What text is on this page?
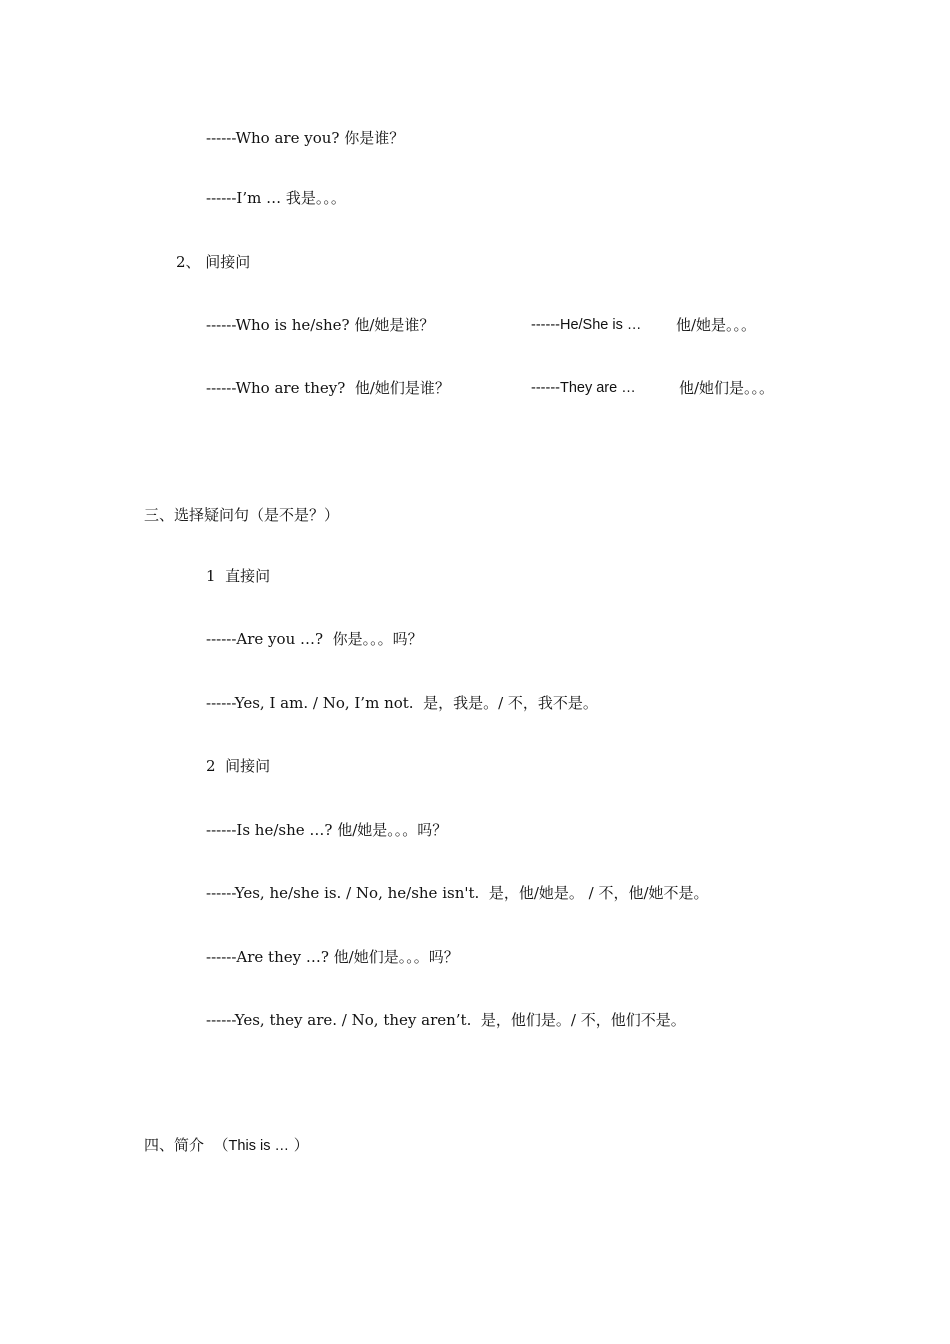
------Who are you? 你是谁？
------I’m … 我是。。。
2、 间接问
------Who is he/she? 他/她是谁？	------He/She is … 他/她是。。。
------Who are they?  他/她们是谁？	------They are …	他/她们是。。。
三、选择疑问句（是不是？）
1  直接问
------Are you …?  你是。。。吗？
------Yes, I am. / No, I’m not.  是，我是。/ 不，我不是。
2  间接问
------Is he/she …? 他/她是。。。吗？
------Yes, he/she is. / No, he/she isn't.  是，他/她是。 / 不，他/她不是。
------Are they …? 他/她们是。。。吗？
------Yes, they are. / No, they aren’t.  是，他们是。/ 不，他们不是。
四、简介  （This is … ）
